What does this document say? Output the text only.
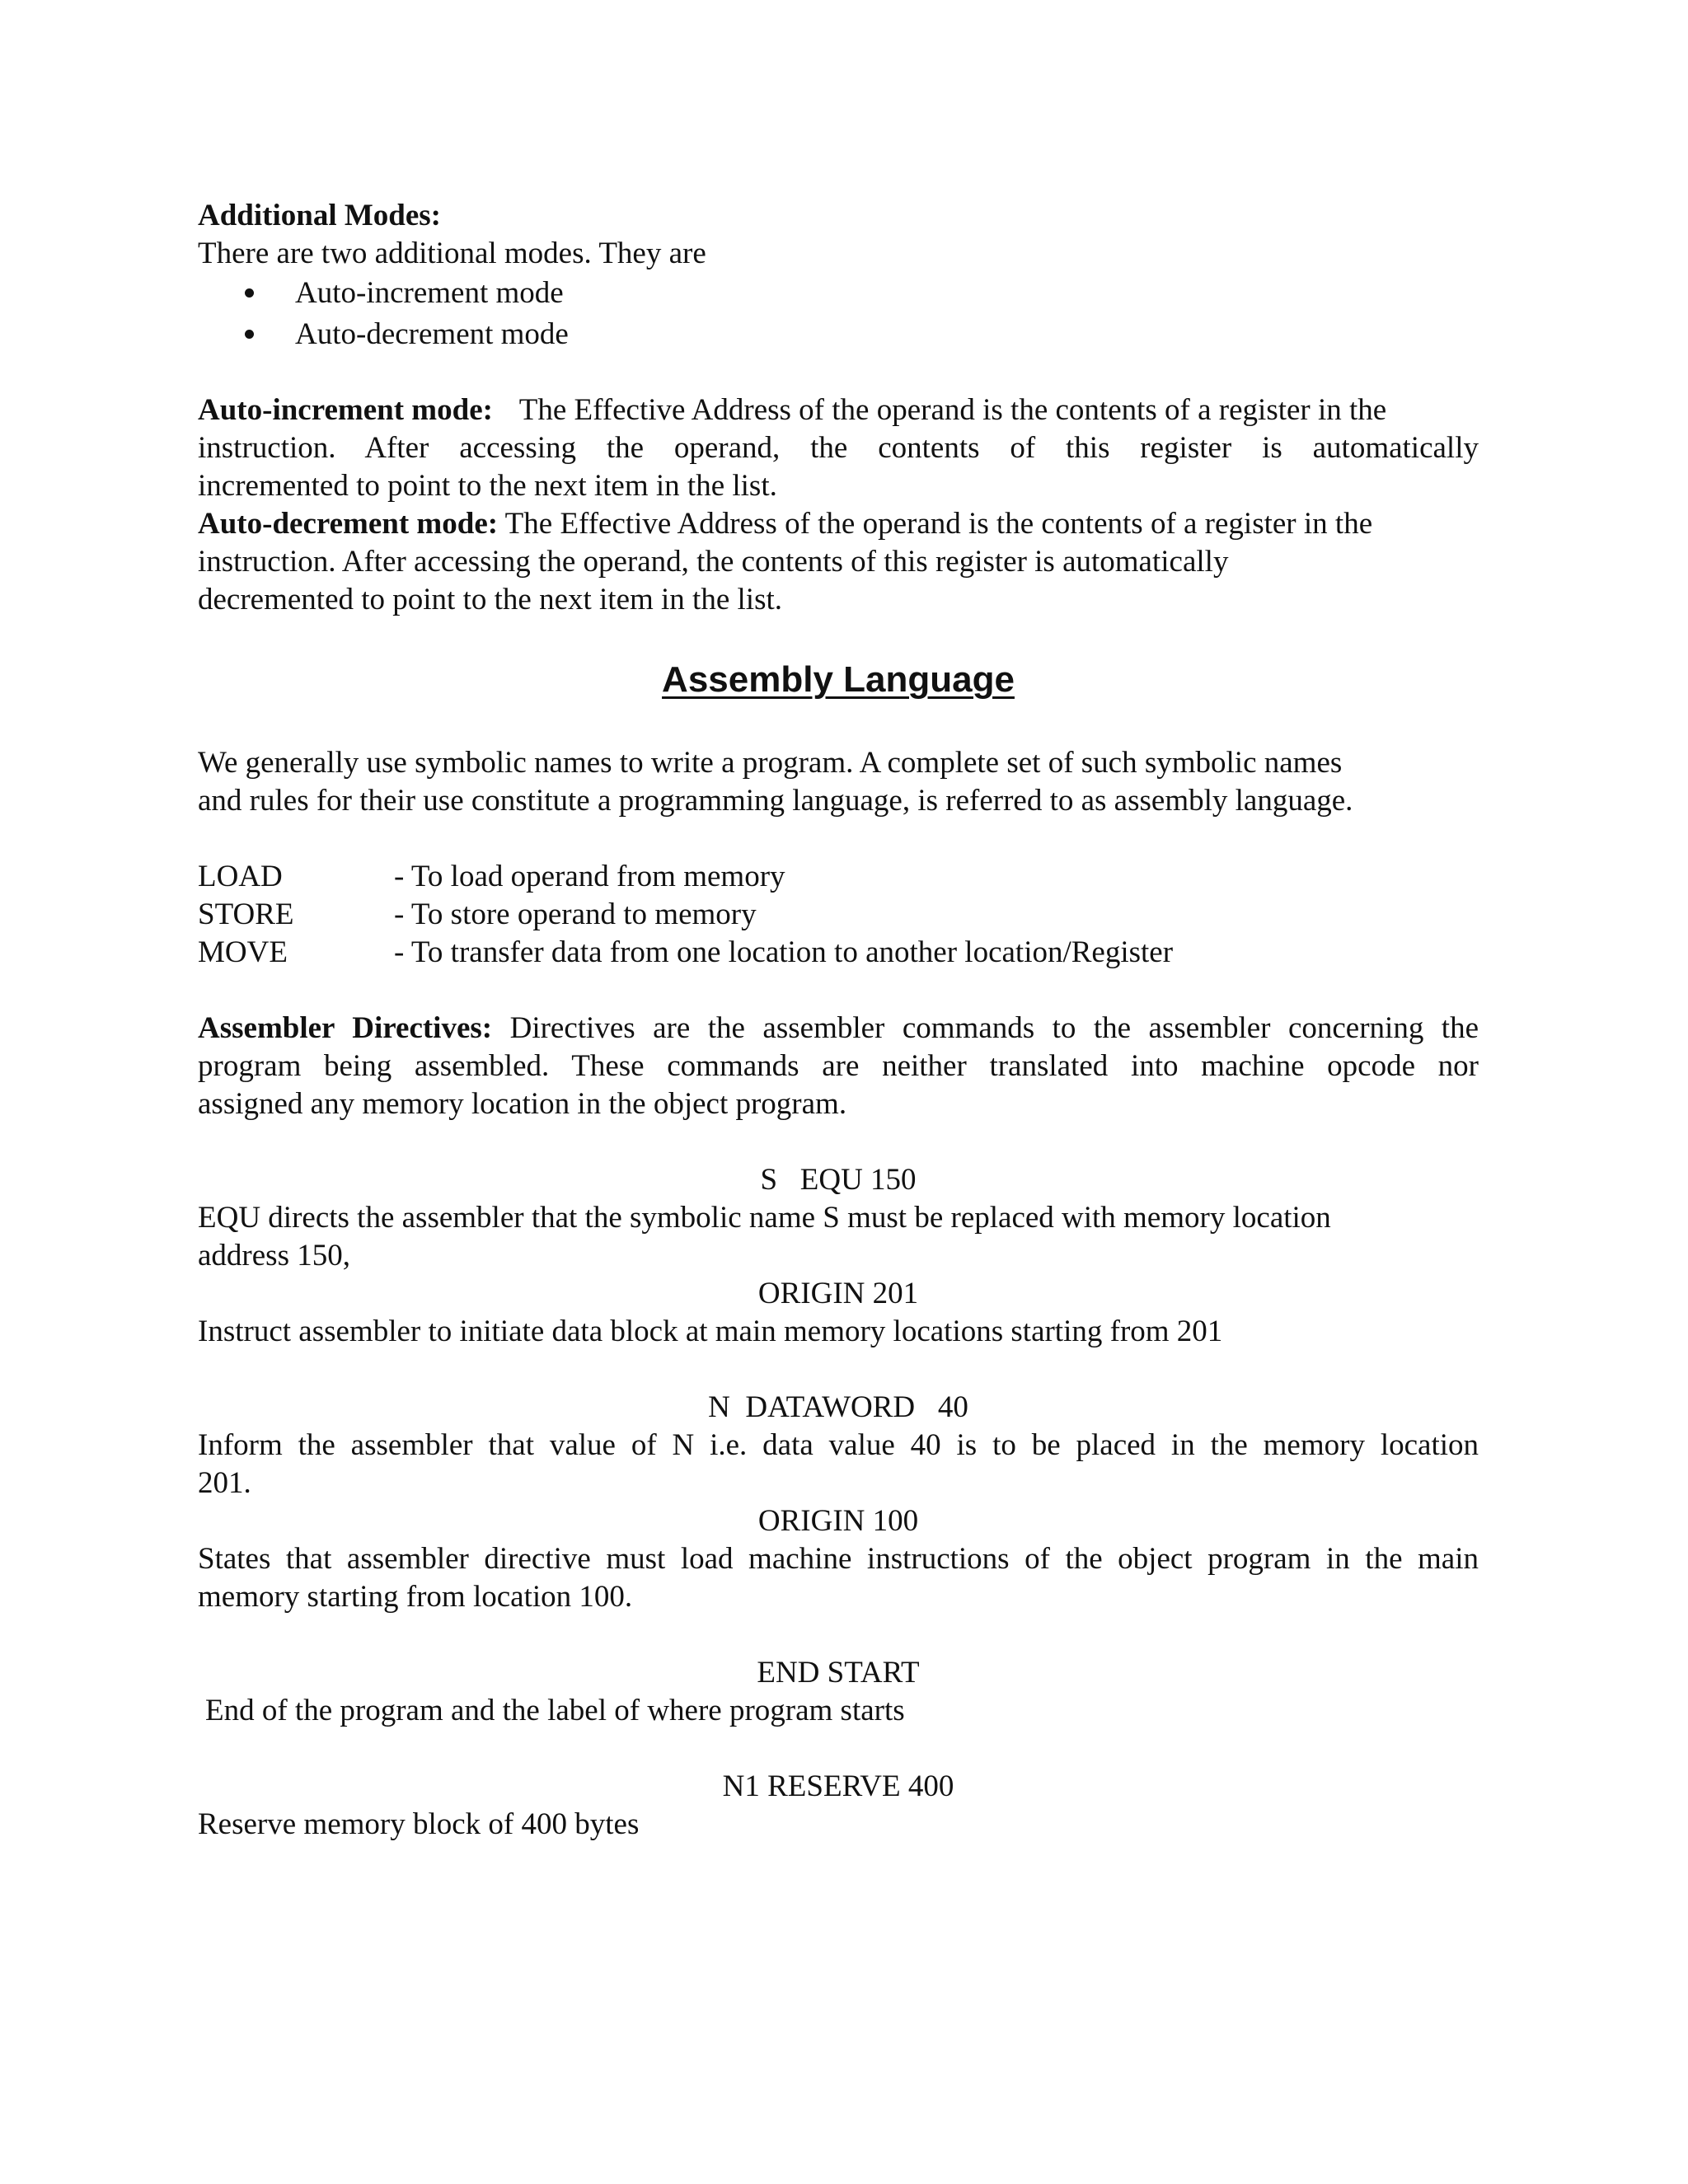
Additional Modes:
There are two additional modes. They are
Auto-increment mode
Auto-decrement mode
Auto-increment mode: The Effective Address of the operand is the contents of a register in the
instruction. After accessing the operand, the contents of this register is automatically
incremented to point to the next item in the list.
Auto-decrement mode: The Effective Address of the operand is the contents of a register in the
instruction. After accessing the operand, the contents of this register is automatically
decremented to point to the next item in the list.
Assembly Language
We generally use symbolic names to write a program. A complete set of such symbolic names
and rules for their use constitute a programming language, is referred to as assembly language.
LOAD	- To load operand from memory
STORE	- To store operand to memory
MOVE	- To transfer data from one location to another location/Register
Assembler Directives: Directives are the assembler commands to the assembler concerning the
program being assembled. These commands are neither translated into machine opcode nor
assigned any memory location in the object program.
S   EQU 150
EQU directs the assembler that the symbolic name S must be replaced with memory location
address 150,
ORIGIN 201
Instruct assembler to initiate data block at main memory locations starting from 201
N  DATAWORD   40
Inform the assembler that value of N i.e. data value 40 is to be placed in the memory location
201.
ORIGIN 100
States that assembler directive must load machine instructions of the object program in the main
memory starting from location 100.
END START
End of the program and the label of where program starts
N1 RESERVE 400
Reserve memory block of 400 bytes
